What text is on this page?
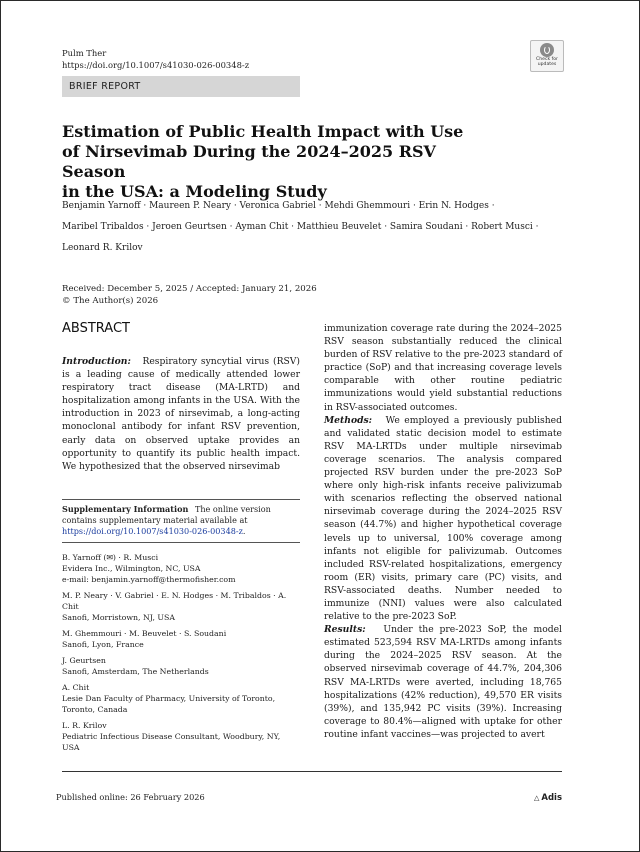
Pulm Ther
https://doi.org/10.1007/s41030-026-00348-z
Check for
updates
BRIEF REPORT
Estimation of Public Health Impact with Use
of Nirsevimab During the 2024–2025 RSV Season
in the USA: a Modeling Study
Benjamin Yarnoff · Maureen P. Neary · Veronica Gabriel · Mehdi Ghemmouri · Erin N. Hodges ·
Maribel Tribaldos · Jeroen Geurtsen · Ayman Chit · Matthieu Beuvelet · Samira Soudani · Robert Musci ·
Leonard R. Krilov
Received: December 5, 2025 / Accepted: January 21, 2026
© The Author(s) 2026
ABSTRACT

Introduction: Respiratory syncytial virus (RSV) is a leading cause of medically attended lower respiratory tract disease (MA-LRTD) and hospitalization among infants in the USA. With the introduction in 2023 of nirsevimab, a long-acting monoclonal antibody for infant RSV prevention, early data on observed uptake provides an opportunity to quantify its public health impact. We hypothesized that the observed nirsevimab

Supplementary Information The online version contains supplementary material available at https://doi.org/10.1007/s41030-026-00348-z.
B. Yarnoff (✉) · R. Musci
Evidera Inc., Wilmington, NC, USA
e-mail: benjamin.yarnoff@thermofisher.com
M. P. Neary · V. Gabriel · E. N. Hodges · M. Tribaldos · A. Chit
Sanofi, Morristown, NJ, USA
M. Ghemmouri · M. Beuvelet · S. Soudani
Sanofi, Lyon, France
J. Geurtsen
Sanofi, Amsterdam, The Netherlands
A. Chit
Lesie Dan Faculty of Pharmacy, University of Toronto, Toronto, Canada
L. R. Krilov
Pediatric Infectious Disease Consultant, Woodbury, NY, USA

immunization coverage rate during the 2024–2025 RSV season substantially reduced the clinical burden of RSV relative to the pre-2023 standard of practice (SoP) and that increasing coverage levels comparable with other routine pediatric immunizations would yield substantial reductions in RSV-associated outcomes.

Methods: We employed a previously published and validated static decision model to estimate RSV MA-LRTDs under multiple nirsevimab coverage scenarios. The analysis compared projected RSV burden under the pre-2023 SoP where only high-risk infants receive palivizumab with scenarios reflecting the observed national nirsevimab coverage during the 2024–2025 RSV season (44.7%) and higher hypothetical coverage levels up to universal, 100% coverage among infants not eligible for palivizumab. Outcomes included RSV-related hospitalizations, emergency room (ER) visits, primary care (PC) visits, and RSV-associated deaths. Number needed to immunize (NNI) values were also calculated relative to the pre-2023 SoP.

Results: Under the pre-2023 SoP, the model estimated 523,594 RSV MA-LRTDs among infants during the 2024–2025 RSV season. At the observed nirsevimab coverage of 44.7%, 204,306 RSV MA-LRTDs were averted, including 18,765 hospitalizations (42% reduction), 49,570 ER visits (39%), and 135,942 PC visits (39%). Increasing coverage to 80.4%—aligned with uptake for other routine infant vaccines—was projected to avert

Published online: 26 February 2026	△ Adis
